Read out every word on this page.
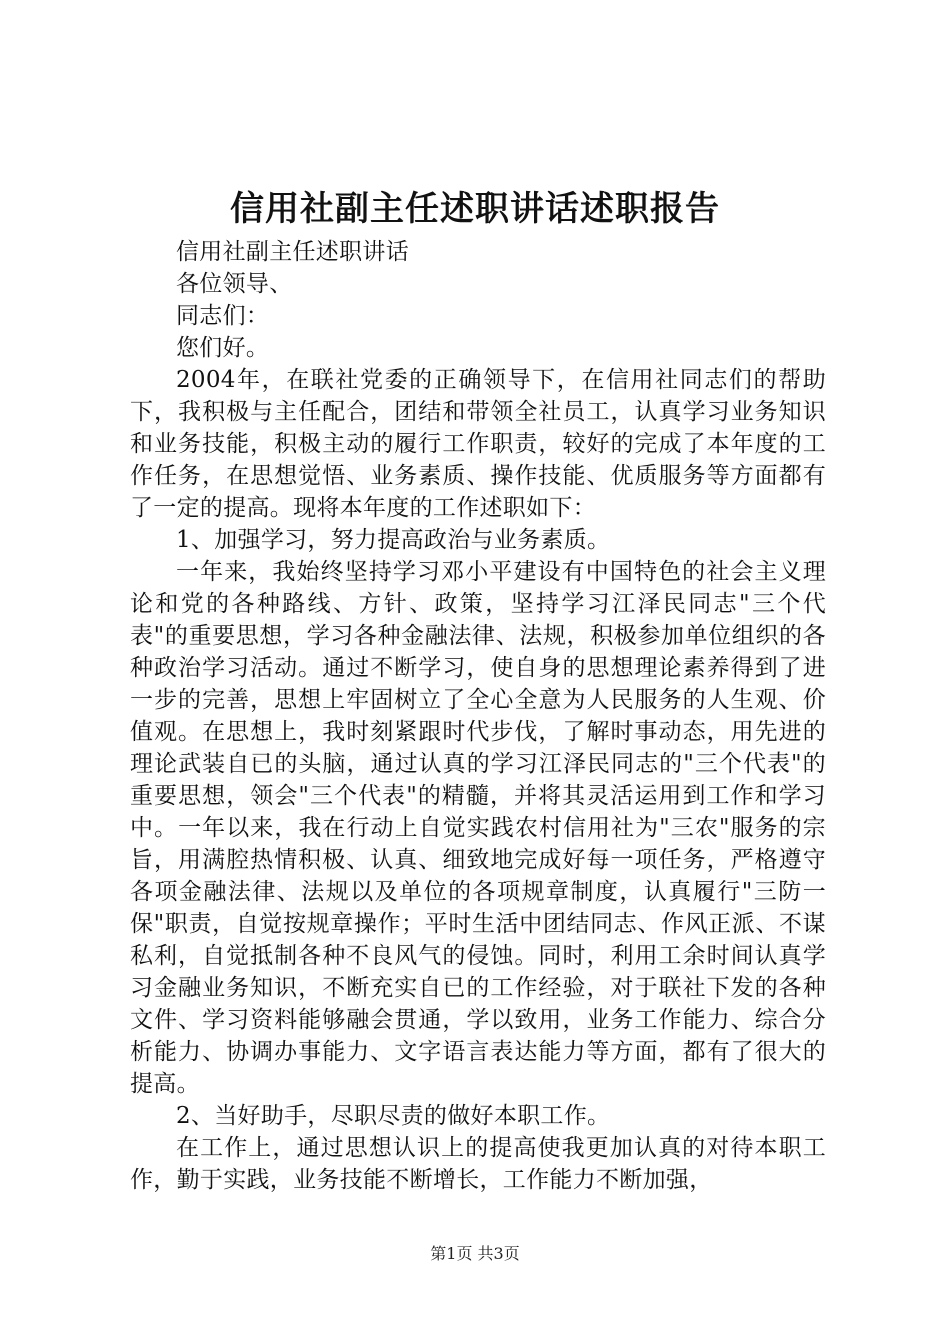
信用社副主任述职讲话述职报告

信用社副主任述职讲话

各位领导、

同志们：

您们好。

2004年，在联社党委的正确领导下，在信用社同志们的帮助下，我积极与主任配合，团结和带领全社员工，认真学习业务知识和业务技能，积极主动的履行工作职责，较好的完成了本年度的工作任务，在思想觉悟、业务素质、操作技能、优质服务等方面都有了一定的提高。现将本年度的工作述职如下：

1、加强学习，努力提高政治与业务素质。

一年来，我始终坚持学习邓小平建设有中国特色的社会主义理论和党的各种路线、方针、政策，坚持学习江泽民同志"三个代表"的重要思想，学习各种金融法律、法规，积极参加单位组织的各种政治学习活动。通过不断学习，使自身的思想理论素养得到了进一步的完善，思想上牢固树立了全心全意为人民服务的人生观、价值观。在思想上，我时刻紧跟时代步伐，了解时事动态，用先进的理论武装自已的头脑，通过认真的学习江泽民同志的"三个代表"的重要思想，领会"三个代表"的精髓，并将其灵活运用到工作和学习中。一年以来，我在行动上自觉实践农村信用社为"三农"服务的宗旨，用满腔热情积极、认真、细致地完成好每一项任务，严格遵守各项金融法律、法规以及单位的各项规章制度，认真履行"三防一保"职责，自觉按规章操作；平时生活中团结同志、作风正派、不谋私利，自觉抵制各种不良风气的侵蚀。同时，利用工余时间认真学习金融业务知识，不断充实自已的工作经验，对于联社下发的各种文件、学习资料能够融会贯通，学以致用，业务工作能力、综合分析能力、协调办事能力、文字语言表达能力等方面，都有了很大的提高。

2、当好助手，尽职尽责的做好本职工作。

在工作上，通过思想认识上的提高使我更加认真的对待本职工作，勤于实践，业务技能不断增长，工作能力不断加强，

第1页 共3页
